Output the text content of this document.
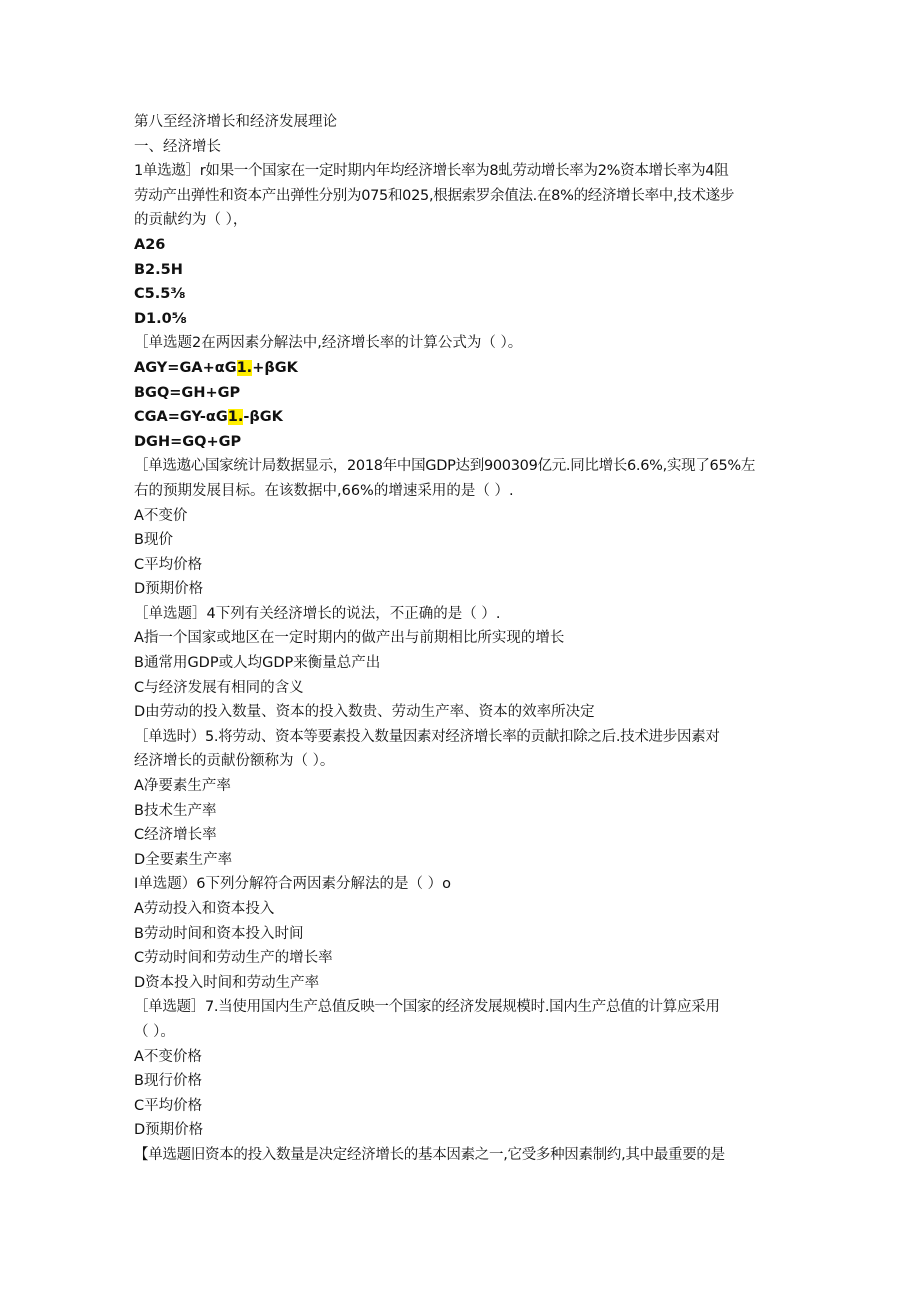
第八至经济增长和经济发展理论
一、经济增长
1单选遨］r如果一个国家在一定时期内年均经济增长率为8虬劳动增长率为2%资本增长率为4阻
劳动产出弹性和资本产出弹性分别为075和025,根据索罗余值法.在8%的经济增长率中,技术遂步
的贡献约为（ ），
A26
B2.5H
C5.5⅜
D1.0⅝
［单选题2在两因素分解法中,经济增长率的计算公式为（ ）。
AGY=GA+αG1.+βGK
BGQ=GH+GP
CGA=GY-αG1.-βGK
DGH=GQ+GP
［单选遨心国家统计局数据显示，2018年中国GDP达到900309亿元.同比增长6.6%,实现了65%左
右的预期发展目标。在该数据中,66%的增速采用的是（ ）.
A不变价
B现价
C平均价格
D预期价格
［单选题］4下列有关经济增长的说法，不正确的是（ ）.
A指一个国家或地区在一定时期内的做产出与前期相比所实现的增长
B通常用GDP或人均GDP来衡量总产出
C与经济发展有相同的含义
D由劳动的投入数量、资本的投入数贵、劳动生产率、资本的效率所决定
［单选时）5.将劳动、资本等要素投入数量因素对经济增长率的贡献扣除之后.技术进步因素对
经济增长的贡献份额称为（ ）。
A净要素生产率
B技术生产率
C经济增长率
D全要素生产率
I单选题）6下列分解符合两因素分解法的是（ ）o
A劳动投入和资本投入
B劳动时间和资本投入时间
C劳动时间和劳动生产的增长率
D资本投入时间和劳动生产率
［单选题］7.当使用国内生产总值反映一个国家的经济发展规模时.国内生产总值的计算应采用
（ ）。
A不变价格
B现行价格
C平均价格
D预期价格
【单选题旧资本的投入数量是决定经济增长的基本因素之一,它受多种因素制约,其中最重要的是
